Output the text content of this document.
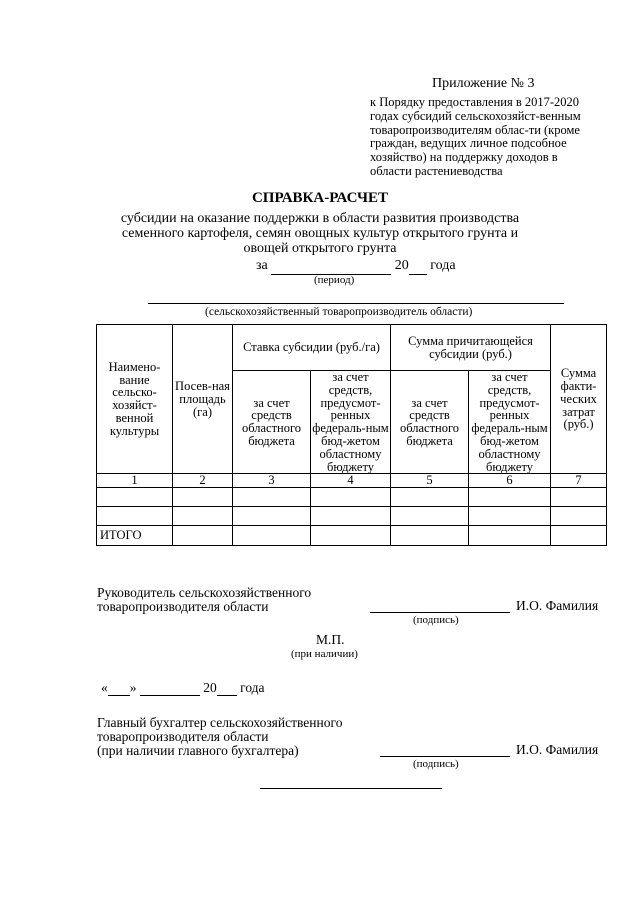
Приложение № 3
к Порядку предоставления в 2017-2020 годах субсидий сельскохозяйст-венным товаропроизводителям облас-ти (кроме граждан, ведущих личное подсобное хозяйство) на поддержку доходов в области растениеводства
СПРАВКА-РАСЧЕТ
субсидии на оказание поддержки в области развития производства семенного картофеля, семян овощных культур открытого грунта и овощей открытого грунта
за	20 года
(период)
(сельскохозяйственный товаропроизводитель области)
Наимено-вание сельско-хозяйст-венной культуры	Посев-ная площадь (га)	Ставка субсидии (руб./га)		Сумма причитающейся субсидии (руб.)		Сумма факти-ческих затрат (руб.)
		за счет средств областного бюджета	за счет средств, предусмот-ренных федераль-ным бюд-жетом областному бюджету	за счет средств областного бюджета	за счет средств, предусмот-ренных федераль-ным бюд-жетом областному бюджету	
1	2	3	4	5	6	7

ИТОГО						
Руководитель сельскохозяйственного
товаропроизводителя области	И.О. Фамилия
(подпись)
М.П.
(при наличии)
« »	20 года
Главный бухгалтер сельскохозяйственного
товаропроизводителя области
(при наличии главного бухгалтера)	И.О. Фамилия
(подпись)
